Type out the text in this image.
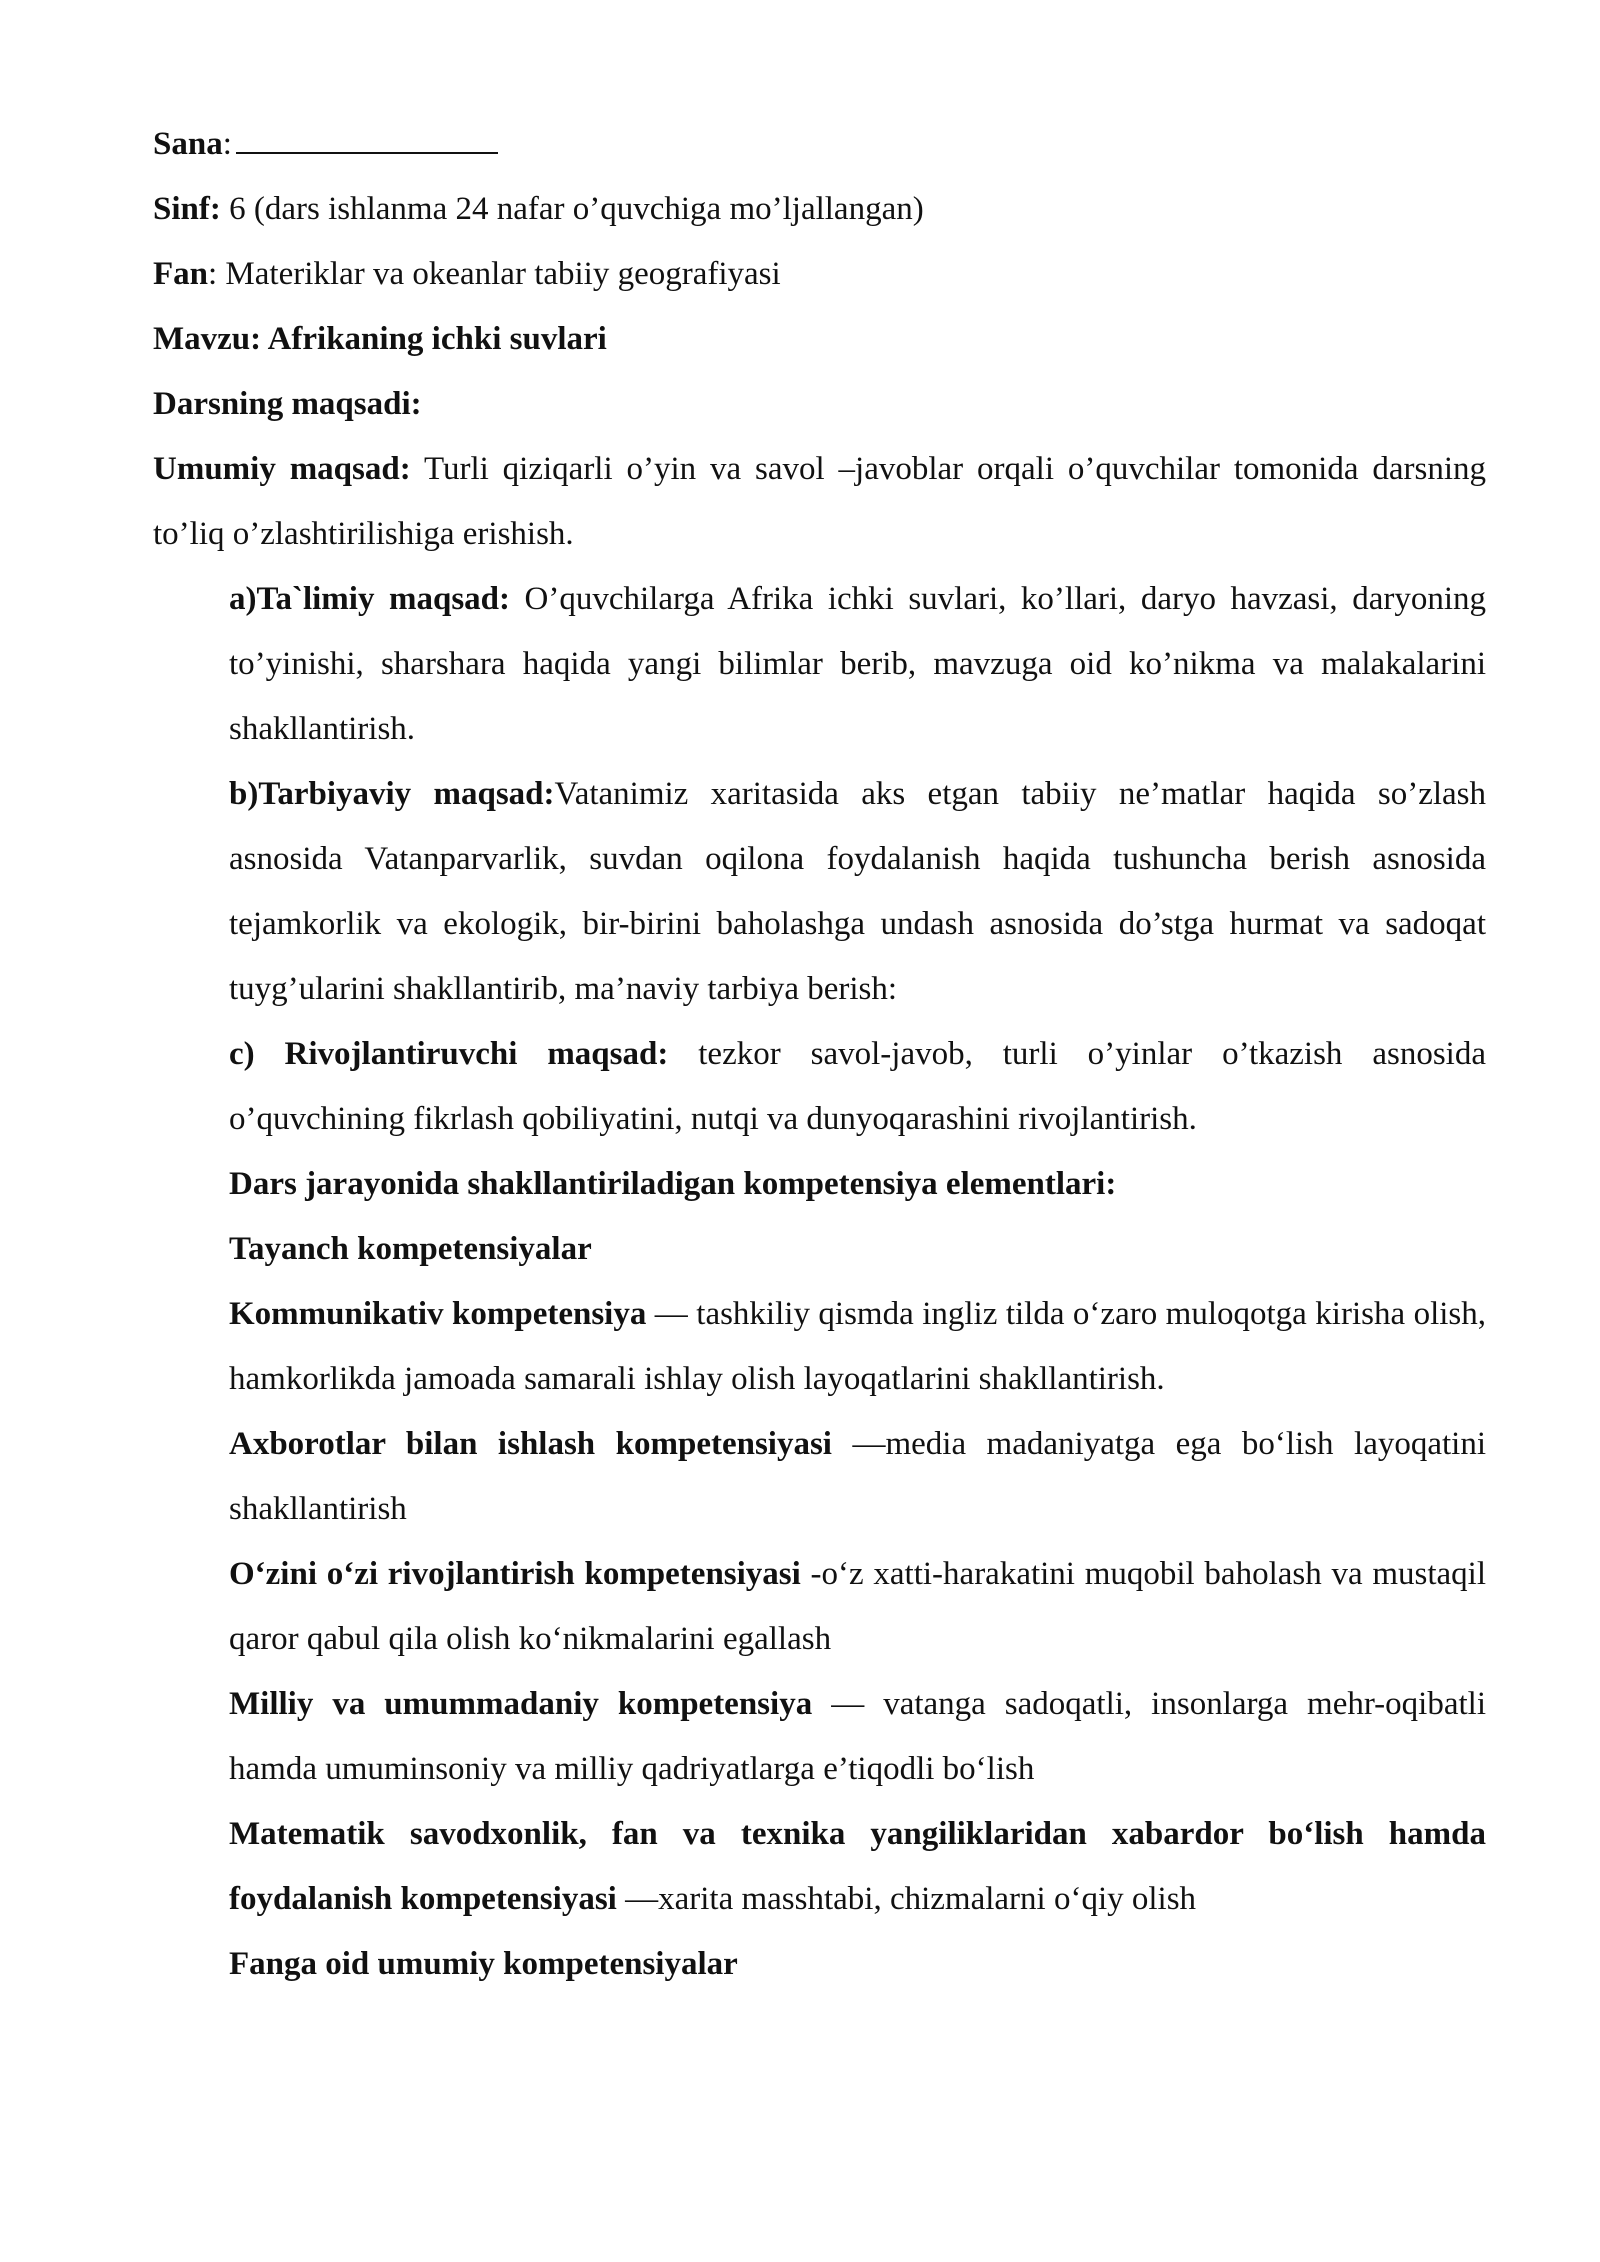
Sana:

Sinf: 6 (dars ishlanma 24 nafar o’quvchiga mo’ljallangan)

Fan: Materiklar va okeanlar tabiiy geografiyasi

Mavzu: Afrikaning ichki suvlari

Darsning maqsadi:

Umumiy maqsad: Turli qiziqarli o’yin va savol –javoblar orqali o’quvchilar tomonida darsning to’liq o’zlashtirilishiga erishish.

a)Ta`limiy maqsad: O’quvchilarga Afrika ichki suvlari, ko’llari, daryo havzasi, daryoning to’yinishi, sharshara haqida yangi bilimlar berib, mavzuga oid ko’nikma va malakalarini shakllantirish.

b)Tarbiyaviy maqsad:Vatanimiz xaritasida aks etgan tabiiy ne’matlar haqida so’zlash asnosida Vatanparvarlik, suvdan oqilona foydalanish haqida tushuncha berish asnosida tejamkorlik va ekologik, bir-birini baholashga undash asnosida do’stga hurmat va sadoqat tuyg’ularini shakllantirib, ma’naviy tarbiya berish:

c) Rivojlantiruvchi maqsad: tezkor savol-javob, turli o’yinlar o’tkazish asnosida o’quvchining fikrlash qobiliyatini, nutqi va dunyoqarashini rivojlantirish.

Dars jarayonida shakllantiriladigan kompetensiya elementlari:

Tayanch kompetensiyalar

Kommunikativ kompetensiya — tashkiliy qismda ingliz tilda o‘zaro muloqotga kirisha olish, hamkorlikda jamoada samarali ishlay olish layoqatlarini shakllantirish.

Axborotlar bilan ishlash kompetensiyasi —media madaniyatga ega bo‘lish layoqatini shakllantirish

O‘zini o‘zi rivojlantirish kompetensiyasi -o‘z xatti-harakatini muqobil baholash va mustaqil qaror qabul qila olish ko‘nikmalarini egallash

Milliy va umummadaniy kompetensiya — vatanga sadoqatli, insonlarga mehr-oqibatli hamda umuminsoniy va milliy qadriyatlarga e’tiqodli bo‘lish

Matematik savodxonlik, fan va texnika yangiliklaridan xabardor bo‘lish hamda foydalanish kompetensiyasi —xarita masshtabi, chizmalarni o‘qiy olish

Fanga oid umumiy kompetensiyalar
